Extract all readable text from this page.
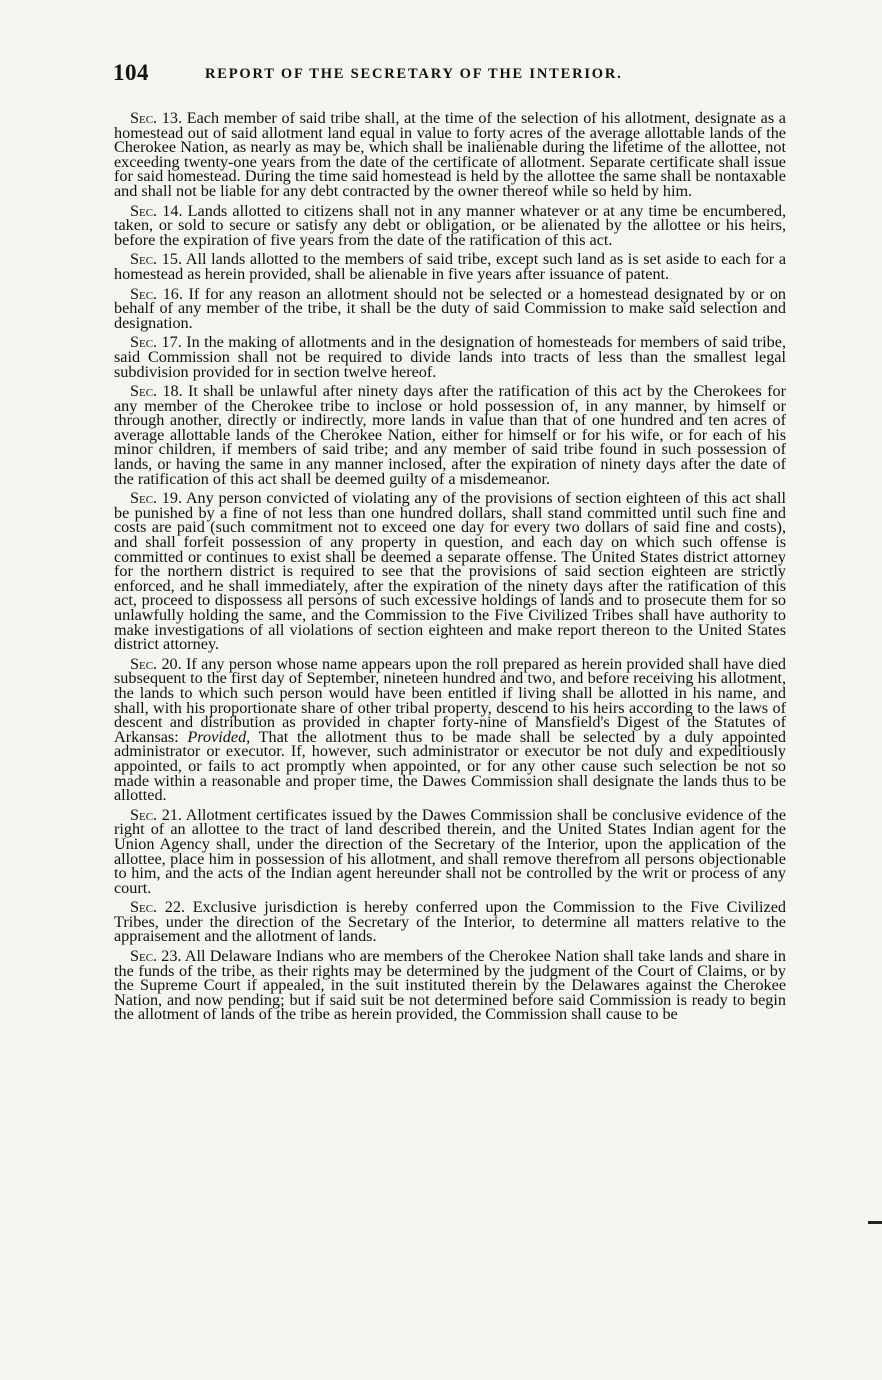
104	REPORT OF THE SECRETARY OF THE INTERIOR.

Sec. 13. Each member of said tribe shall, at the time of the selection of his allotment, designate as a homestead out of said allotment land equal in value to forty acres of the average allottable lands of the Cherokee Nation, as nearly as may be, which shall be inalienable during the lifetime of the allottee, not exceeding twenty-one years from the date of the certificate of allotment. Separate certificate shall issue for said homestead. During the time said homestead is held by the allottee the same shall be nontaxable and shall not be liable for any debt contracted by the owner thereof while so held by him.

Sec. 14. Lands allotted to citizens shall not in any manner whatever or at any time be encumbered, taken, or sold to secure or satisfy any debt or obligation, or be alienated by the allottee or his heirs, before the expiration of five years from the date of the ratification of this act.

Sec. 15. All lands allotted to the members of said tribe, except such land as is set aside to each for a homestead as herein provided, shall be alienable in five years after issuance of patent.

Sec. 16. If for any reason an allotment should not be selected or a homestead designated by or on behalf of any member of the tribe, it shall be the duty of said Commission to make said selection and designation.

Sec. 17. In the making of allotments and in the designation of homesteads for members of said tribe, said Commission shall not be required to divide lands into tracts of less than the smallest legal subdivision provided for in section twelve hereof.

Sec. 18. It shall be unlawful after ninety days after the ratification of this act by the Cherokees for any member of the Cherokee tribe to inclose or hold possession of, in any manner, by himself or through another, directly or indirectly, more lands in value than that of one hundred and ten acres of average allottable lands of the Cherokee Nation, either for himself or for his wife, or for each of his minor children, if members of said tribe; and any member of said tribe found in such possession of lands, or having the same in any manner inclosed, after the expiration of ninety days after the date of the ratification of this act shall be deemed guilty of a misdemeanor.

Sec. 19. Any person convicted of violating any of the provisions of section eighteen of this act shall be punished by a fine of not less than one hundred dollars, shall stand committed until such fine and costs are paid (such commitment not to exceed one day for every two dollars of said fine and costs), and shall forfeit possession of any property in question, and each day on which such offense is committed or continues to exist shall be deemed a separate offense. The United States district attorney for the northern district is required to see that the provisions of said section eighteen are strictly enforced, and he shall immediately, after the expiration of the ninety days after the ratification of this act, proceed to dispossess all persons of such excessive holdings of lands and to prosecute them for so unlawfully holding the same, and the Commission to the Five Civilized Tribes shall have authority to make investigations of all violations of section eighteen and make report thereon to the United States district attorney.

Sec. 20. If any person whose name appears upon the roll prepared as herein provided shall have died subsequent to the first day of September, nineteen hundred and two, and before receiving his allotment, the lands to which such person would have been entitled if living shall be allotted in his name, and shall, with his proportionate share of other tribal property, descend to his heirs according to the laws of descent and distribution as provided in chapter forty-nine of Mansfield's Digest of the Statutes of Arkansas: Provided, That the allotment thus to be made shall be selected by a duly appointed administrator or executor. If, however, such administrator or executor be not duly and expeditiously appointed, or fails to act promptly when appointed, or for any other cause such selection be not so made within a reasonable and proper time, the Dawes Commission shall designate the lands thus to be allotted.

Sec. 21. Allotment certificates issued by the Dawes Commission shall be conclusive evidence of the right of an allottee to the tract of land described therein, and the United States Indian agent for the Union Agency shall, under the direction of the Secretary of the Interior, upon the application of the allottee, place him in possession of his allotment, and shall remove therefrom all persons objectionable to him, and the acts of the Indian agent hereunder shall not be controlled by the writ or process of any court.

Sec. 22. Exclusive jurisdiction is hereby conferred upon the Commission to the Five Civilized Tribes, under the direction of the Secretary of the Interior, to determine all matters relative to the appraisement and the allotment of lands.

Sec. 23. All Delaware Indians who are members of the Cherokee Nation shall take lands and share in the funds of the tribe, as their rights may be determined by the judgment of the Court of Claims, or by the Supreme Court if appealed, in the suit instituted therein by the Delawares against the Cherokee Nation, and now pending; but if said suit be not determined before said Commission is ready to begin the allotment of lands of the tribe as herein provided, the Commission shall cause to be
